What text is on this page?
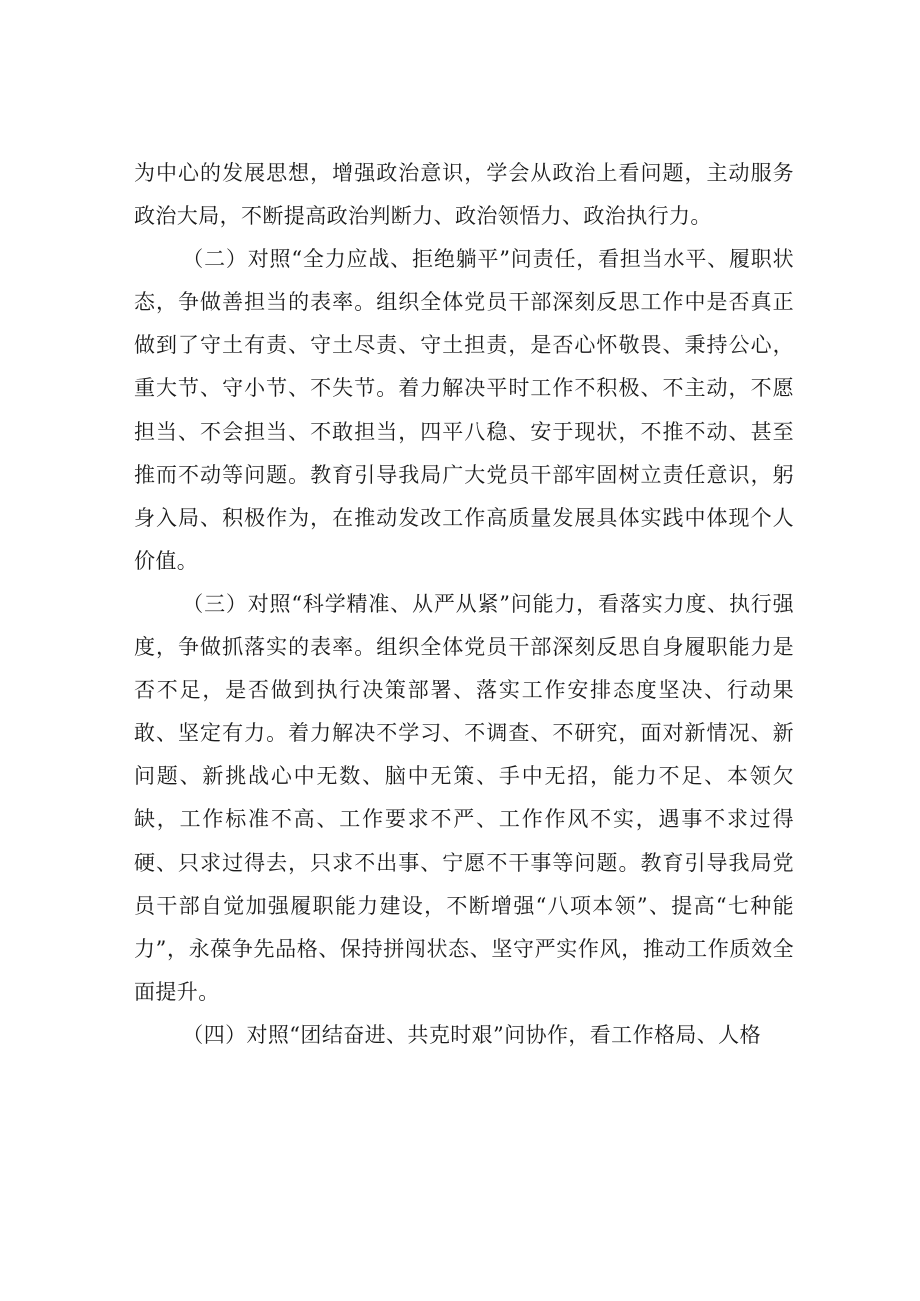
为中心的发展思想，增强政治意识，学会从政治上看问题，主动服务政治大局，不断提高政治判断力、政治领悟力、政治执行力。

（二）对照“全力应战、拒绝躺平”问责任，看担当水平、履职状态，争做善担当的表率。组织全体党员干部深刻反思工作中是否真正做到了守土有责、守土尽责、守土担责，是否心怀敬畏、秉持公心，重大节、守小节、不失节。着力解决平时工作不积极、不主动，不愿担当、不会担当、不敢担当，四平八稳、安于现状，不推不动、甚至推而不动等问题。教育引导我局广大党员干部牢固树立责任意识，躬身入局、积极作为，在推动发改工作高质量发展具体实践中体现个人价值。

（三）对照“科学精准、从严从紧”问能力，看落实力度、执行强度，争做抓落实的表率。组织全体党员干部深刻反思自身履职能力是否不足，是否做到执行决策部署、落实工作安排态度坚决、行动果敢、坚定有力。着力解决不学习、不调查、不研究，面对新情况、新问题、新挑战心中无数、脑中无策、手中无招，能力不足、本领欠缺，工作标准不高、工作要求不严、工作作风不实，遇事不求过得硬、只求过得去，只求不出事、宁愿不干事等问题。教育引导我局党员干部自觉加强履职能力建设，不断增强“八项本领”、提高“七种能力”，永葆争先品格、保持拼闯状态、坚守严实作风，推动工作质效全面提升。

（四）对照“团结奋进、共克时艰”问协作，看工作格局、人格
